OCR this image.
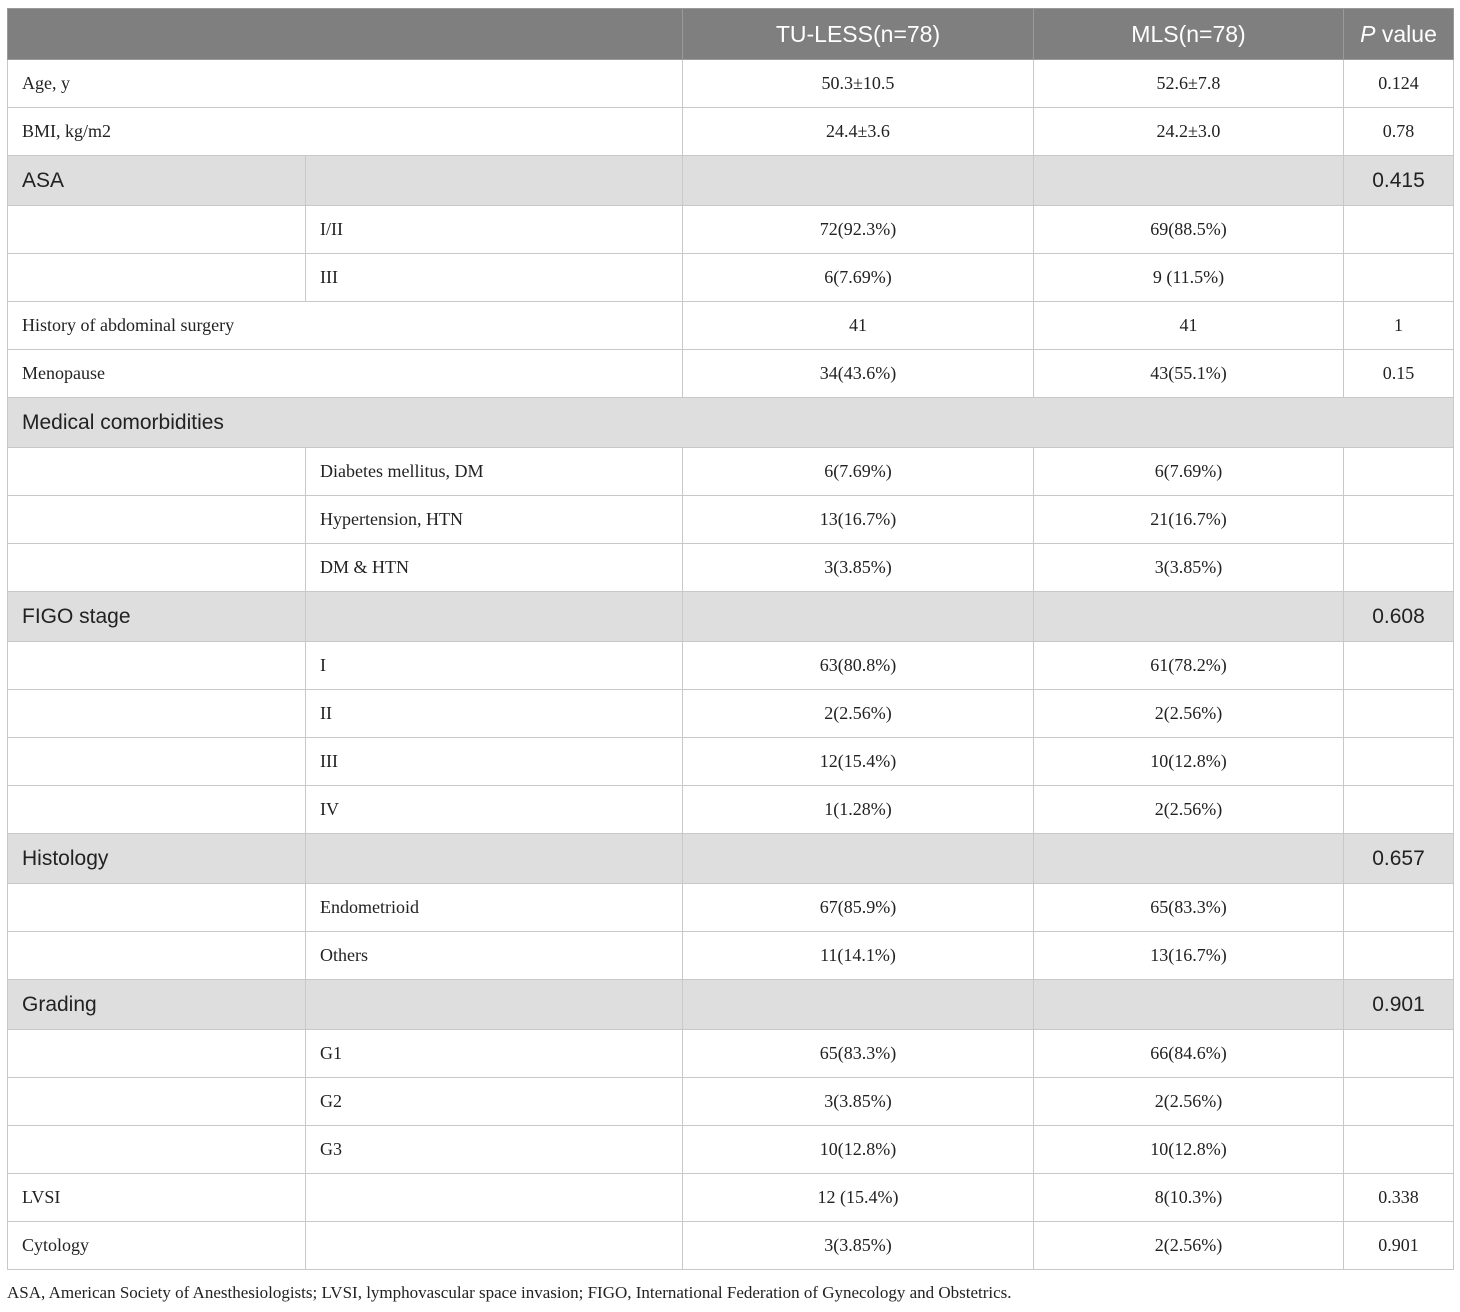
		TU-LESS(n=78)	MLS(n=78)	P value
Age, y		50.3±10.5	52.6±7.8	0.124
BMI, kg/m2		24.4±3.6	24.2±3.0	0.78
ASA				0.415
	I/II	72(92.3%)	69(88.5%)	
	III	6(7.69%)	9 (11.5%)	
History of abdominal surgery		41	41	1
Menopause		34(43.6%)	43(55.1%)	0.15
Medical comorbidities				
	Diabetes mellitus, DM	6(7.69%)	6(7.69%)	
	Hypertension, HTN	13(16.7%)	21(16.7%)	
	DM & HTN	3(3.85%)	3(3.85%)	
FIGO stage				0.608
	I	63(80.8%)	61(78.2%)	
	II	2(2.56%)	2(2.56%)	
	III	12(15.4%)	10(12.8%)	
	IV	1(1.28%)	2(2.56%)	
Histology				0.657
	Endometrioid	67(85.9%)	65(83.3%)	
	Others	11(14.1%)	13(16.7%)	
Grading				0.901
	G1	65(83.3%)	66(84.6%)	
	G2	3(3.85%)	2(2.56%)	
	G3	10(12.8%)	10(12.8%)	
LVSI		12 (15.4%)	8(10.3%)	0.338
Cytology		3(3.85%)	2(2.56%)	0.901
ASA, American Society of Anesthesiologists; LVSI, lymphovascular space invasion; FIGO, International Federation of Gynecology and Obstetrics.
